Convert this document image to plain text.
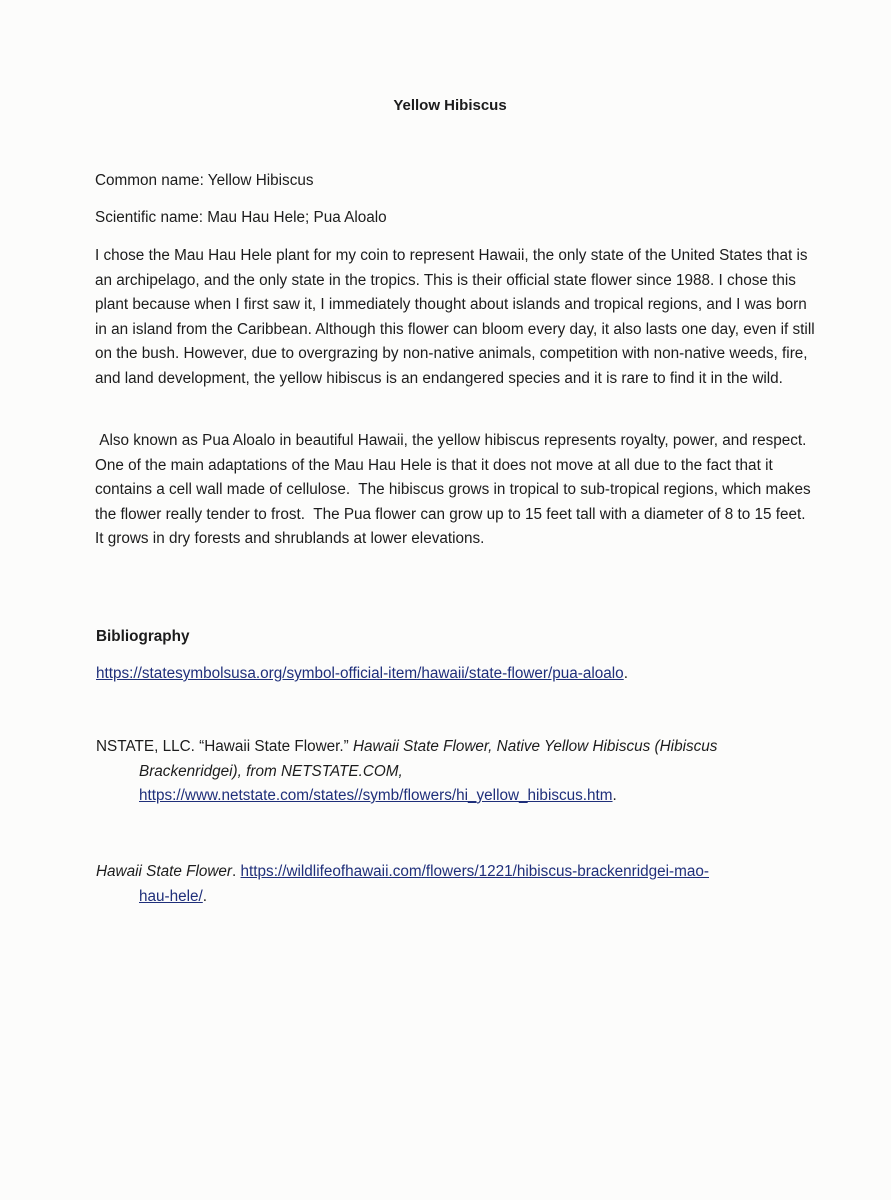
Yellow Hibiscus
Common name: Yellow Hibiscus
Scientific name: Mau Hau Hele; Pua Aloalo

I chose the Mau Hau Hele plant for my coin to represent Hawaii, the only state of the United States that is an archipelago, and the only state in the tropics. This is their official state flower since 1988. I chose this plant because when I first saw it, I immediately thought about islands and tropical regions, and I was born in an island from the Caribbean. Although this flower can bloom every day, it also lasts one day, even if still on the bush. However, due to overgrazing by non-native animals, competition with non-native weeds, fire, and land development, the yellow hibiscus is an endangered species and it is rare to find it in the wild.

Also known as Pua Aloalo in beautiful Hawaii, the yellow hibiscus represents royalty, power, and respect.  One of the main adaptations of the Mau Hau Hele is that it does not move at all due to the fact that it contains a cell wall made of cellulose.  The hibiscus grows in tropical to sub-tropical regions, which makes the flower really tender to frost.  The Pua flower can grow up to 15 feet tall with a diameter of 8 to 15 feet.  It grows in dry forests and shrublands at lower elevations.

Bibliography
https://statesymbolsusa.org/symbol-official-item/hawaii/state-flower/pua-aloalo.
NSTATE, LLC. “Hawaii State Flower.” Hawaii State Flower, Native Yellow Hibiscus (Hibiscus
Brackenridgei), from NETSTATE.COM,
https://www.netstate.com/states//symb/flowers/hi_yellow_hibiscus.htm.
Hawaii State Flower. https://wildlifeofhawaii.com/flowers/1221/hibiscus-brackenridgei-mao-
hau-hele/.
